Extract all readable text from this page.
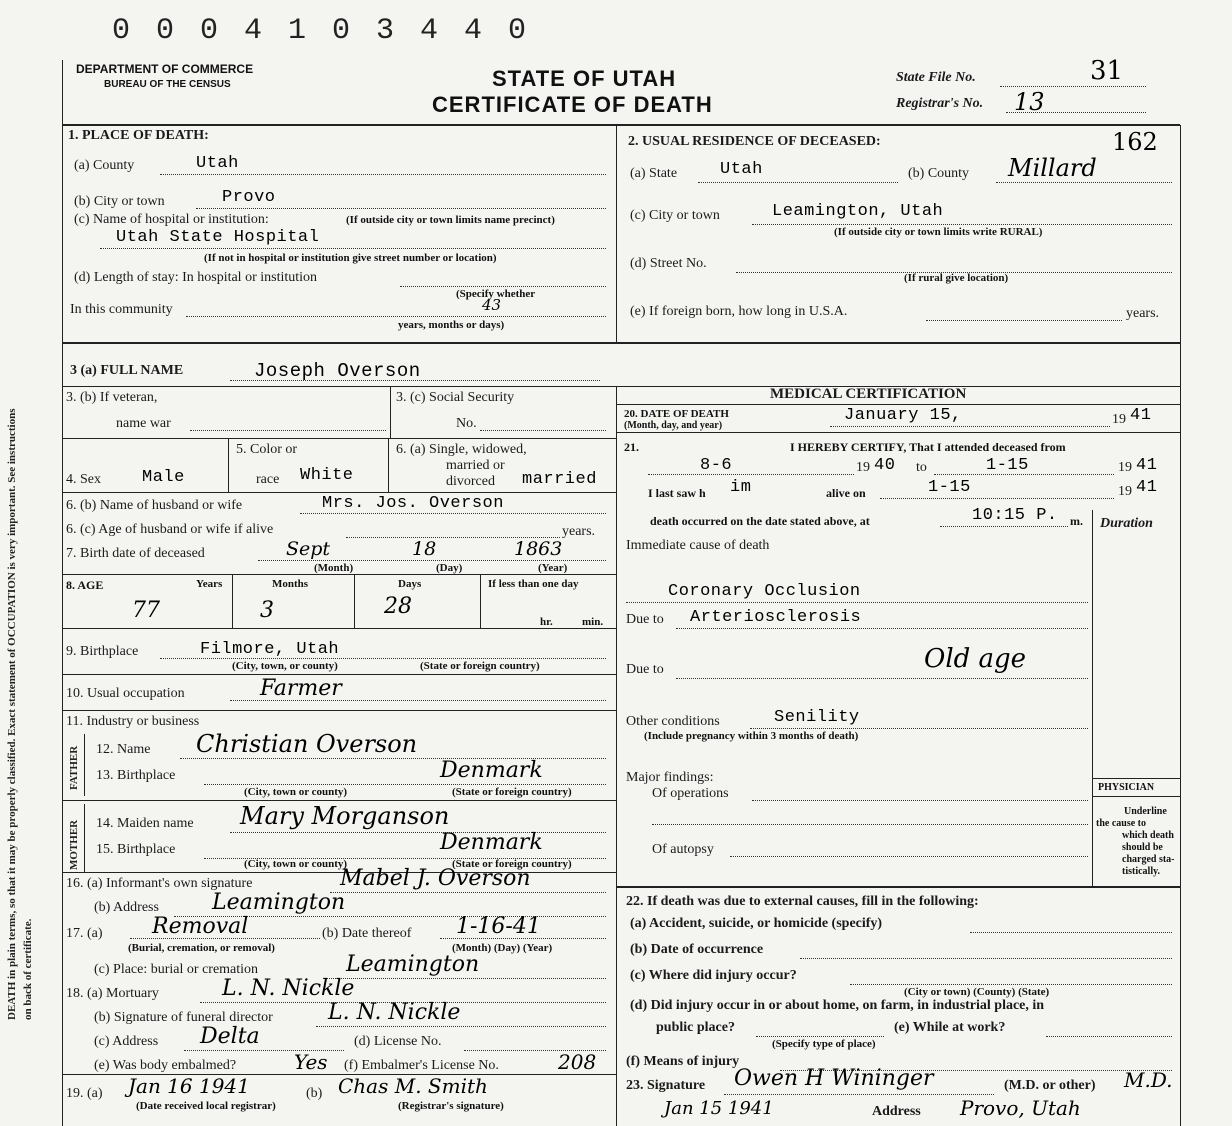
0 0 0 4 1 0 3 4 4 0
DEATH in plain terms, so that it may be properly classified. Exact statement of OCCUPATION is very important. See instructions on back of certificate.
DEPARTMENT OF COMMERCE
BUREAU OF THE CENSUS	STATE OF UTAH
CERTIFICATE OF DEATH
State File No.	31
Registrar's No. 13
1. PLACE OF DEATH:
(a) County	Utah
(b) City or town	Provo
(c) Name of hospital or institution:	(If outside city or town limits name precinct)
Utah State Hospital
(If not in hospital or institution give street number or location)
(d) Length of stay: In hospital or institution
(Specify whether
In this community	43
years, months or days)
2. USUAL RESIDENCE OF DECEASED:	162
(a) State	Utah	(b) County Millard
(c) City or town	Leamington, Utah
(If outside city or town limits write RURAL)
(d) Street No.
(If rural give location)
(e) If foreign born, how long in U.S.A.	years.
3 (a) FULL NAME	Joseph Overson
3. (b) If veteran,
name war
3. (c) Social Security
No.
4. Sex Male
5. Color or
race White
6. (a) Single, widowed,
married or
divorced married
6. (b) Name of husband or wife	Mrs. Jos. Overson
6. (c) Age of husband or wife if alive	years.
7. Birth date of deceased	Sept	18	1863
(Month)	(Day)	(Year)
8. AGE	Years	Months	Days	If less than one day
77	3	28
hr.	min.
9. Birthplace	Filmore, Utah
(City, town, or county)	(State or foreign country)
10. Usual occupation	Farmer
11. Industry or business
FATHER 12. Name Christian Overson
13. Birthplace	Denmark
(City, town or county)	(State or foreign country)
MOTHER 14. Maiden name Mary Morganson
15. Birthplace	Denmark
(City, town or county)	(State or foreign country)
16. (a) Informant's own signature	Mabel J. Overson
(b) Address Leamington
17. (a) Removal
(Burial, cremation, or removal)
(b) Date thereof 1-16-41
(Month) (Day) (Year)
(c) Place: burial or cremation	Leamington
18. (a) Mortuary	L. N. Nickle
(b) Signature of funeral director	L. N. Nickle
(c) Address Delta	(d) License No.
(e) Was body embalmed?	Yes (f) Embalmer's License No.	208
19. (a) Jan 16 1941
(Date received local registrar)
(b) Chas M. Smith
(Registrar's signature)
MEDICAL CERTIFICATION
20. DATE OF DEATH
(Month, day, and year)
January 15,	19 41
21.	I HEREBY CERTIFY, That I attended deceased from
8-6	19 40 to	1-15	19 41
I last saw h im	alive on	1-15	19 41
death occurred on the date stated above, at	10:15 P. m. Duration
Immediate cause of death
Coronary Occlusion
Due to Arteriosclerosis
Due to	Old age
Other conditions	Senility
(Include pregnancy within 3 months of death)
Major findings:
Of operations
Of autopsy
PHYSICIAN
Underline
the cause to
which death
should be
charged sta-
tistically.
22. If death was due to external causes, fill in the following:
(a) Accident, suicide, or homicide (specify)
(b) Date of occurrence
(c) Where did injury occur?
(City or town) (County) (State)
(d) Did injury occur in or about home, on farm, in industrial place, in
public place?
(Specify type of place)
(e) While at work?
(f) Means of injury
23. Signature Owen H Wininger	(M.D. or other) M.D.
Jan 15 1941	Address Provo, Utah
